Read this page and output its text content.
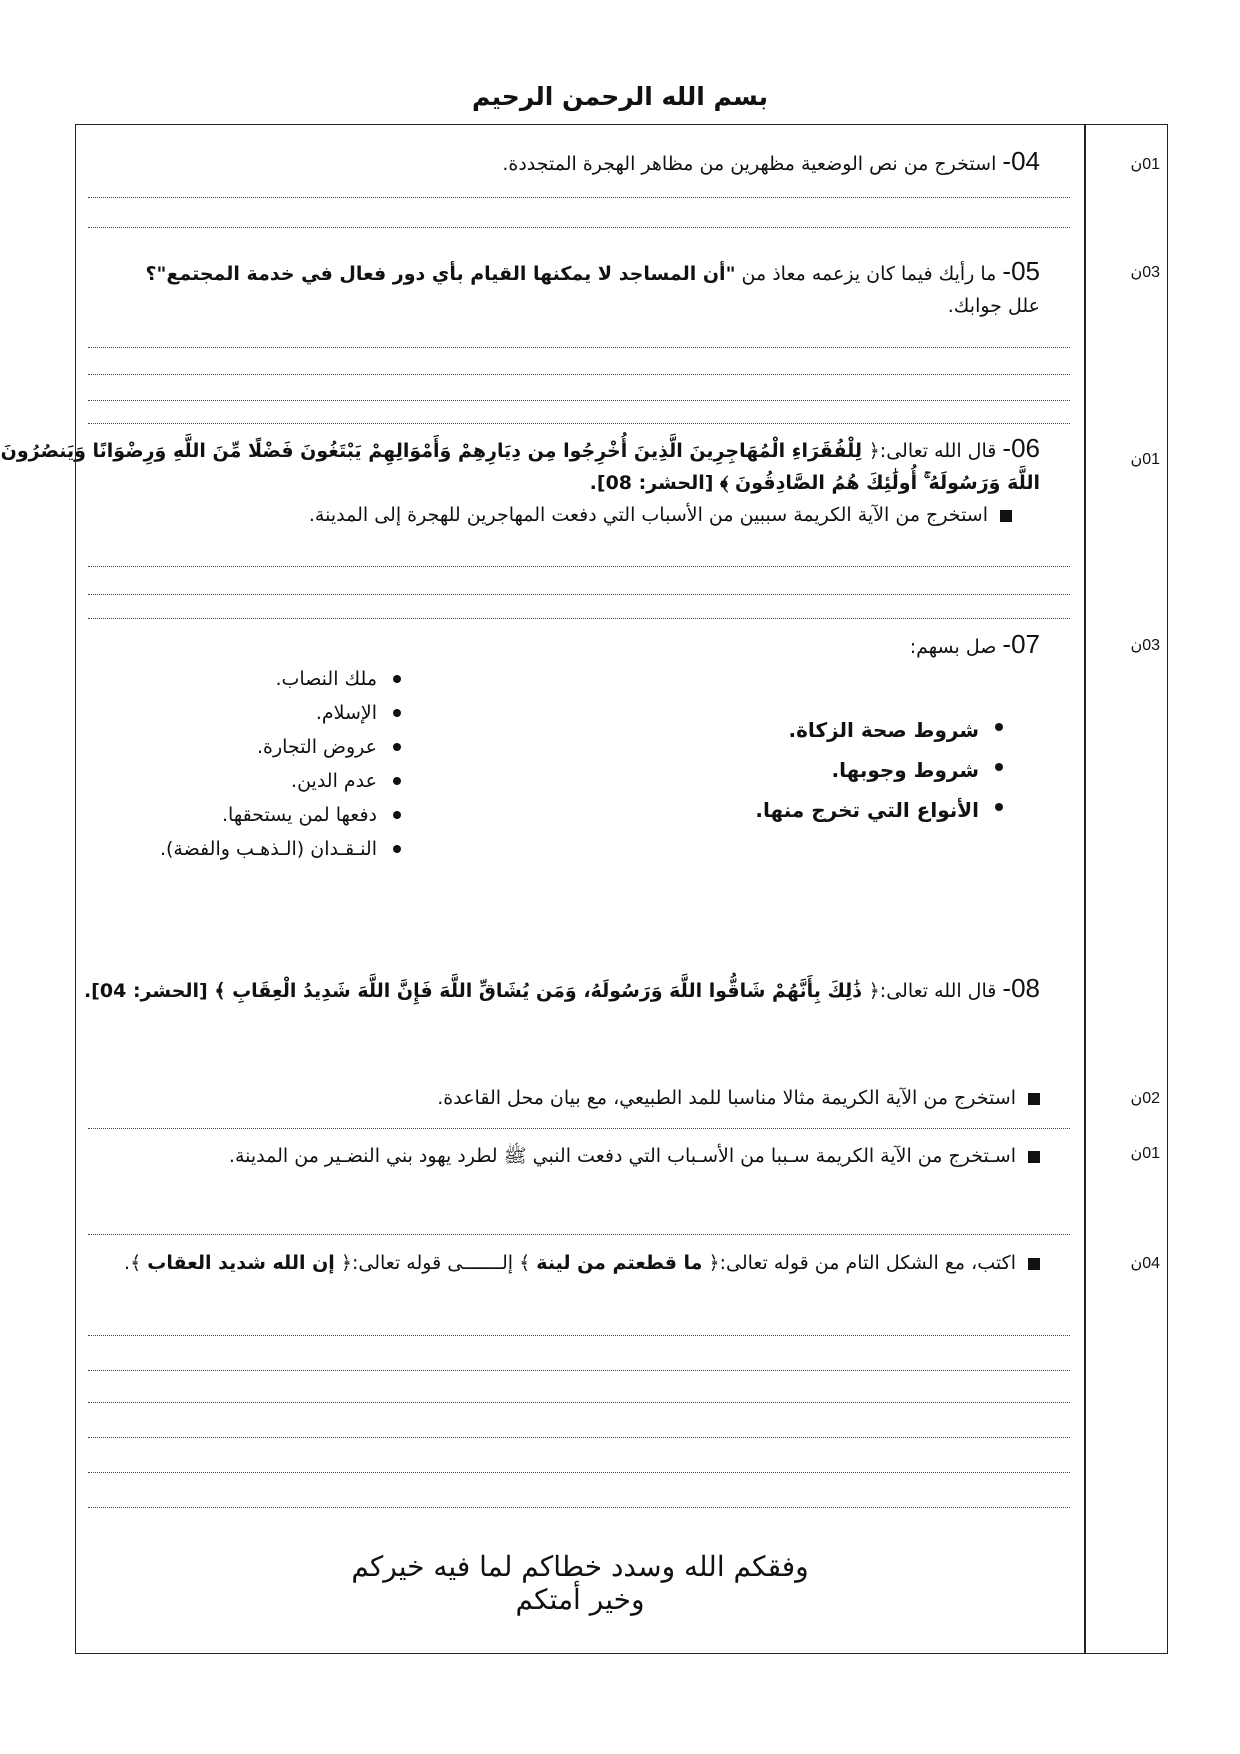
بسم الله الرحمن الرحيم
01ن
03ن
01ن
03ن
02ن
01ن
04ن
04- استخرج من نص الوضعية مظهرين من مظاهر الهجرة المتجددة.
05- ما رأيك فيما كان يزعمه معاذ من "أن المساجد لا يمكنها القيام بأي دور فعال في خدمة المجتمع"؟
علل جوابك.
06- قال الله تعالى:﴿ لِلْفُقَرَاءِ الْمُهَاجِرِينَ الَّذِينَ أُخْرِجُوا مِن دِيَارِهِمْ وَأَمْوَالِهِمْ يَبْتَغُونَ فَضْلًا مِّنَ اللَّهِ وَرِضْوَانًا وَيَنصُرُونَ اللَّهَ وَرَسُولَهُ ۚ أُولَٰئِكَ هُمُ الصَّادِقُونَ ﴾ [الحشر: 08].
استخرج من الآية الكريمة سببين من الأسباب التي دفعت المهاجرين للهجرة إلى المدينة.
07- صل بسهم:
شروط صحة الزكاة.
شروط وجوبها.
الأنواع التي تخرج منها.
ملك النصاب.
الإسلام.
عروض التجارة.
عدم الدين.
دفعها لمن يستحقها.
النـقـدان (الـذهـب والفضة).
08- قال الله تعالى:﴿ ذَٰلِكَ بِأَنَّهُمْ شَاقُّوا اللَّهَ وَرَسُولَهُ، وَمَن يُشَاقِّ اللَّهَ فَإِنَّ اللَّهَ شَدِيدُ الْعِقَابِ ﴾ [الحشر: 04].
استخرج من الآية الكريمة مثالا مناسبا للمد الطبيعي، مع بيان محل القاعدة.
اسـتخرج من الآية الكريمة سـببا من الأسـباب التي دفعت النبي ﷺ لطرد يهود بني النضـير من المدينة.
اكتب، مع الشكل التام من قوله تعالى:﴿ ما قطعتم من لينة ﴾ إلـــــــى قوله تعالى:﴿ إن الله شديد العقاب ﴾.
وفقكم الله وسدد خطاكم لما فيه خيركم وخير أمتكم
